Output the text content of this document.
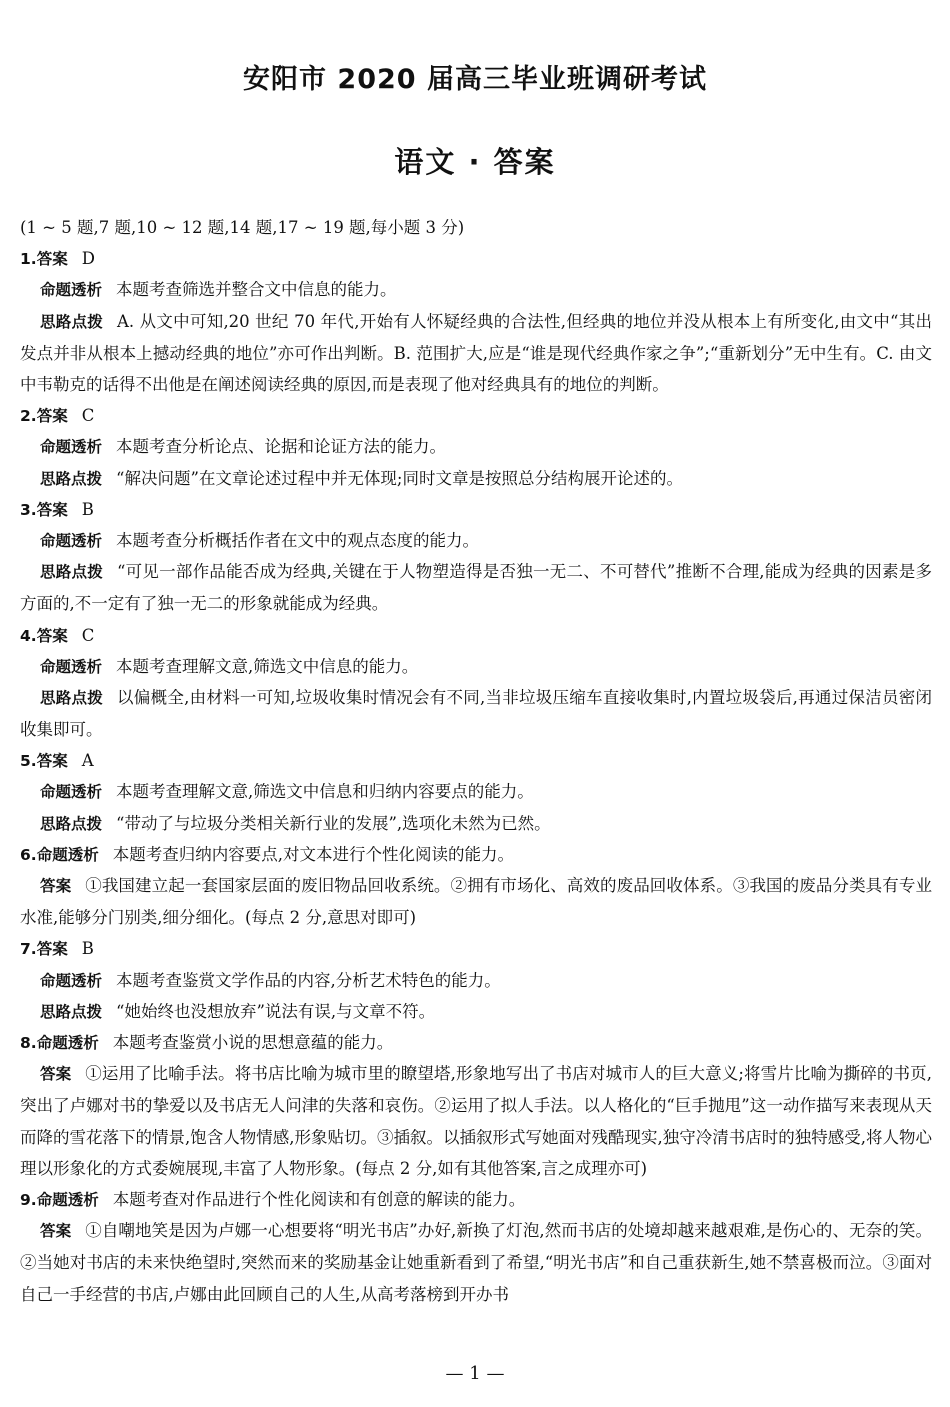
安阳市 2020 届高三毕业班调研考试
语文 · 答案
(1 ~ 5 题,7 题,10 ~ 12 题,14 题,17 ~ 19 题,每小题 3 分)
1.答案 D
命题透析 本题考查筛选并整合文中信息的能力。
思路点拨 A. 从文中可知,20 世纪 70 年代,开始有人怀疑经典的合法性,但经典的地位并没从根本上有所变化,由文中“其出发点并非从根本上撼动经典的地位”亦可作出判断。B. 范围扩大,应是“谁是现代经典作家之争”;“重新划分”无中生有。C. 由文中韦勒克的话得不出他是在阐述阅读经典的原因,而是表现了他对经典具有的地位的判断。
2.答案 C
命题透析 本题考查分析论点、论据和论证方法的能力。
思路点拨 “解决问题”在文章论述过程中并无体现;同时文章是按照总分结构展开论述的。
3.答案 B
命题透析 本题考查分析概括作者在文中的观点态度的能力。
思路点拨 “可见一部作品能否成为经典,关键在于人物塑造得是否独一无二、不可替代”推断不合理,能成为经典的因素是多方面的,不一定有了独一无二的形象就能成为经典。
4.答案 C
命题透析 本题考查理解文意,筛选文中信息的能力。
思路点拨 以偏概全,由材料一可知,垃圾收集时情况会有不同,当非垃圾压缩车直接收集时,内置垃圾袋后,再通过保洁员密闭收集即可。
5.答案 A
命题透析 本题考查理解文意,筛选文中信息和归纳内容要点的能力。
思路点拨 “带动了与垃圾分类相关新行业的发展”,选项化未然为已然。
6.命题透析 本题考查归纳内容要点,对文本进行个性化阅读的能力。
答案 ①我国建立起一套国家层面的废旧物品回收系统。②拥有市场化、高效的废品回收体系。③我国的废品分类具有专业水准,能够分门别类,细分细化。(每点 2 分,意思对即可)
7.答案 B
命题透析 本题考查鉴赏文学作品的内容,分析艺术特色的能力。
思路点拨 “她始终也没想放弃”说法有误,与文章不符。
8.命题透析 本题考查鉴赏小说的思想意蕴的能力。
答案 ①运用了比喻手法。将书店比喻为城市里的瞭望塔,形象地写出了书店对城市人的巨大意义;将雪片比喻为撕碎的书页,突出了卢娜对书的挚爱以及书店无人问津的失落和哀伤。②运用了拟人手法。以人格化的“巨手抛甩”这一动作描写来表现从天而降的雪花落下的情景,饱含人物情感,形象贴切。③插叙。以插叙形式写她面对残酷现实,独守冷清书店时的独特感受,将人物心理以形象化的方式委婉展现,丰富了人物形象。(每点 2 分,如有其他答案,言之成理亦可)
9.命题透析 本题考查对作品进行个性化阅读和有创意的解读的能力。
答案 ①自嘲地笑是因为卢娜一心想要将“明光书店”办好,新换了灯泡,然而书店的处境却越来越艰难,是伤心的、无奈的笑。②当她对书店的未来快绝望时,突然而来的奖励基金让她重新看到了希望,“明光书店”和自己重获新生,她不禁喜极而泣。③面对自己一手经营的书店,卢娜由此回顾自己的人生,从高考落榜到开办书
— 1 —
